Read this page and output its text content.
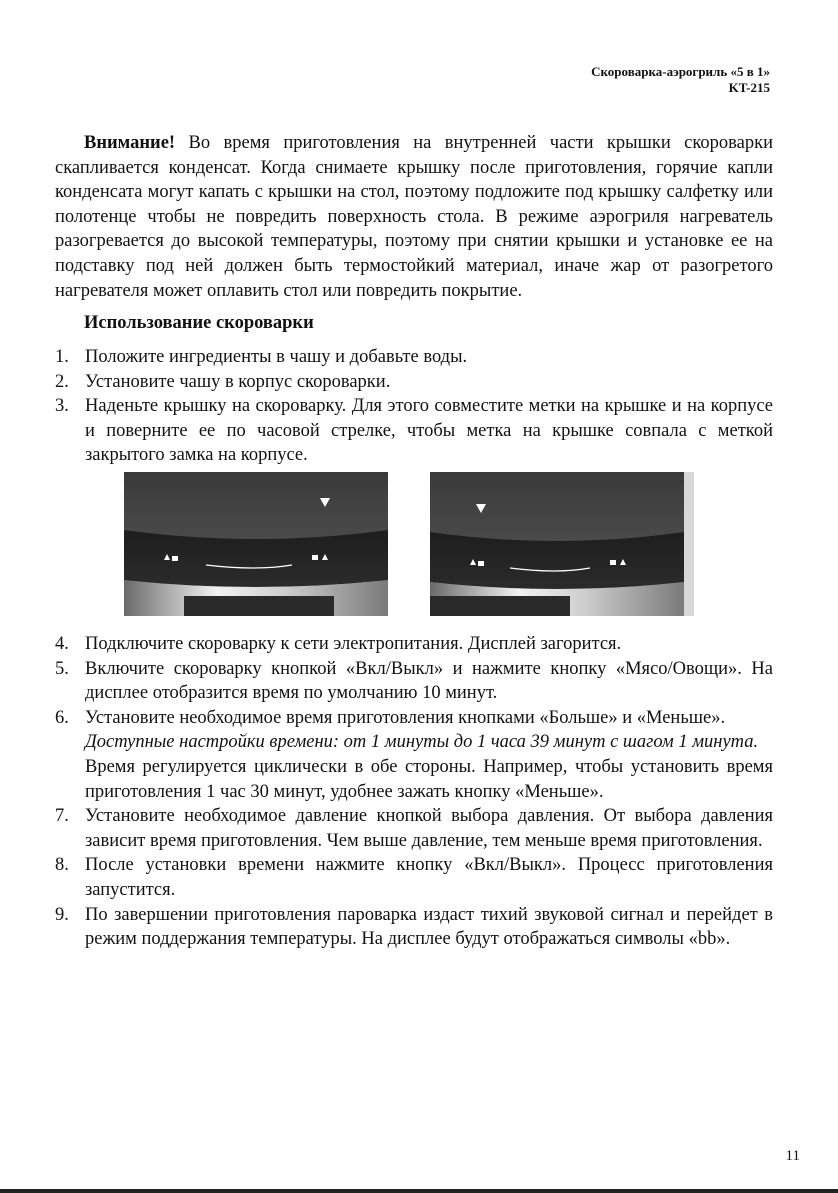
Скороварка-аэрогриль «5 в 1»
KT-215

Внимание! Во время приготовления на внутренней части крышки скороварки скапливается конденсат. Когда снимаете крышку после приготовления, горячие капли конденсата могут капать с крышки на стол, поэтому подложите под крышку салфетку или полотенце чтобы не повредить поверхность стола. В режиме аэрогриля нагреватель разогревается до высокой температуры, поэтому при снятии крышки и установке ее на подставку под ней должен быть термостойкий материал, иначе жар от разогретого нагревателя может оплавить стол или повредить покрытие.

Использование скороварки
1. Положите ингредиенты в чашу и добавьте воды.
2. Установите чашу в корпус скороварки.
3. Наденьте крышку на скороварку. Для этого совместите метки на крышке и на корпусе и поверните ее по часовой стрелке, чтобы метка на крышке совпала с меткой закрытого замка на корпусе.
4. Подключите скороварку к сети электропитания. Дисплей загорится.
5. Включите скороварку кнопкой «Вкл/Выкл» и нажмите кнопку «Мясо/Овощи». На дисплее отобразится время по умолчанию 10 минут.
6. Установите необходимое время приготовления кнопками «Больше» и «Меньше».
Доступные настройки времени: от 1 минуты до 1 часа 39 минут с шагом 1 минута.
Время регулируется циклически в обе стороны. Например, чтобы установить время приготовления 1 час 30 минут, удобнее зажать кнопку «Меньше».
7. Установите необходимое давление кнопкой выбора давления. От выбора давления зависит время приготовления. Чем выше давление, тем меньше время приготовления.
8. После установки времени нажмите кнопку «Вкл/Выкл». Процесс приготовления запустится.
9. По завершении приготовления пароварка издаст тихий звуковой сигнал и перейдет в режим поддержания температуры. На дисплее будут отображаться символы «bb».
11
